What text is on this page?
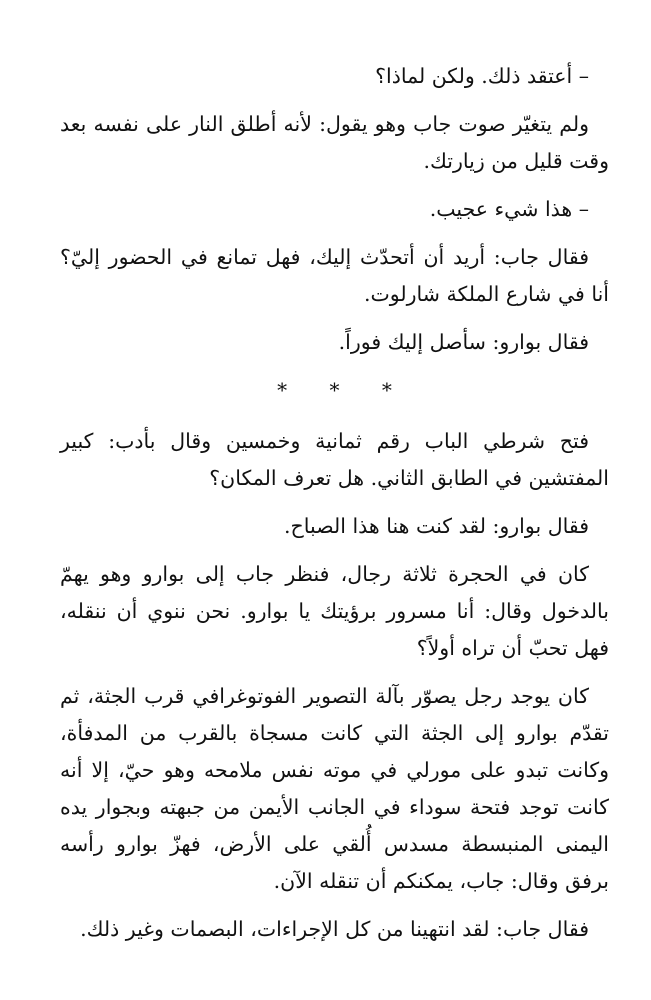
– أعتقد ذلك. ولكن لماذا؟

ولم يتغيّر صوت جاب وهو يقول: لأنه أطلق النار على نفسه بعد وقت قليل من زيارتك.

– هذا شيء عجيب.

فقال جاب: أريد أن أتحدّث إليك، فهل تمانع في الحضور إليّ؟ أنا في شارع الملكة شارلوت.

فقال بوارو: سأصل إليك فوراً.

* * *

فتح شرطي الباب رقم ثمانية وخمسين وقال بأدب: كبير المفتشين في الطابق الثاني. هل تعرف المكان؟

فقال بوارو: لقد كنت هنا هذا الصباح.

كان في الحجرة ثلاثة رجال، فنظر جاب إلى بوارو وهو يهمّ بالدخول وقال: أنا مسرور برؤيتك يا بوارو. نحن ننوي أن ننقله، فهل تحبّ أن تراه أولاً؟

كان يوجد رجل يصوّر بآلة التصوير الفوتوغرافي قرب الجثة، ثم تقدّم بوارو إلى الجثة التي كانت مسجاة بالقرب من المدفأة، وكانت تبدو على مورلي في موته نفس ملامحه وهو حيّ، إلا أنه كانت توجد فتحة سوداء في الجانب الأيمن من جبهته وبجوار يده اليمنى المنبسطة مسدس أُلقي على الأرض، فهزّ بوارو رأسه برفق وقال: جاب، يمكنكم أن تنقله الآن.

فقال جاب: لقد انتهينا من كل الإجراءات، البصمات وغير ذلك.
